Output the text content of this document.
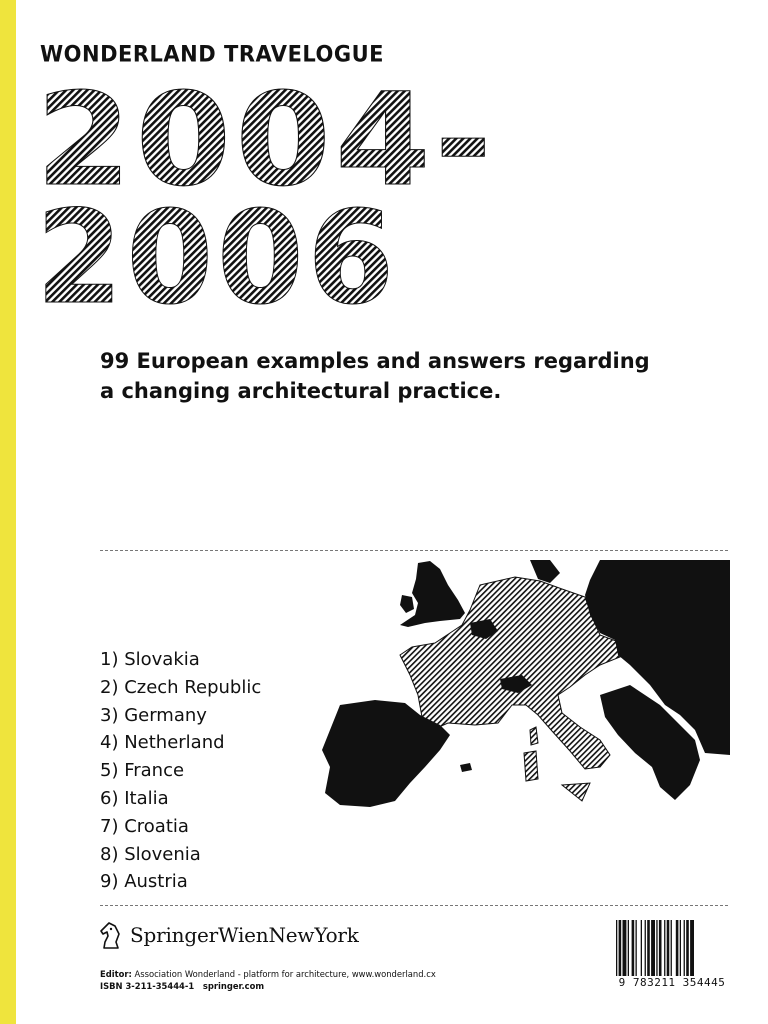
WONDERLAND TRAVELOGUE
2004-
2006

99 European examples and answers regarding
a changing architectural practice.

1) Slovakia
2) Czech Republic
3) Germany
4) Netherland
5) France
6) Italia
7) Croatia
8) Slovenia
9) Austria
SpringerWienNewYork
Editor: Association Wonderland - platform for architecture, www.wonderland.cx
ISBN 3-211-35444-1 springer.com	9 783211 354445
